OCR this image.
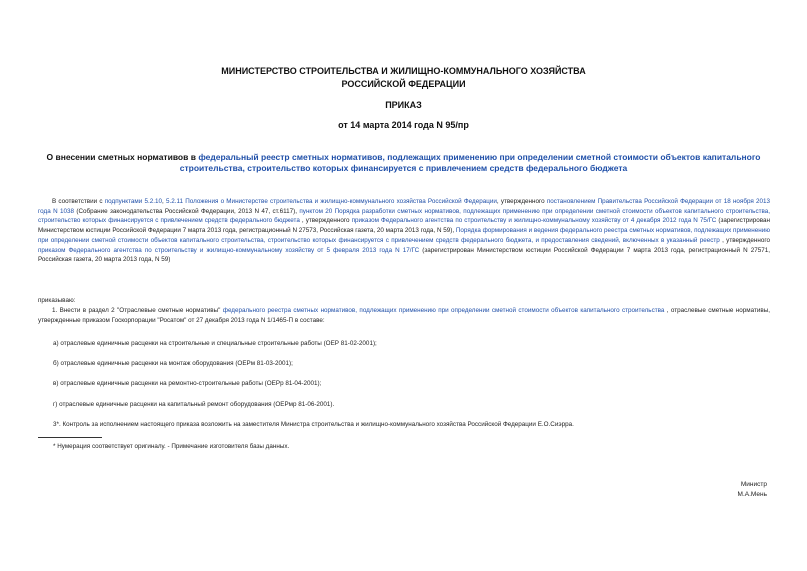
МИНИСТЕРСТВО СТРОИТЕЛЬСТВА И ЖИЛИЩНО-КОММУНАЛЬНОГО ХОЗЯЙСТВА
РОССИЙСКОЙ ФЕДЕРАЦИИ
ПРИКАЗ
от 14 марта 2014 года N 95/пр
О внесении сметных нормативов в федеральный реестр сметных нормативов, подлежащих применению при определении сметной стоимости объектов капитального строительства, строительство которых финансируется с привлечением средств федерального бюджета
В соответствии с подпунктами 5.2.10, 5.2.11 Положения о Министерстве строительства и жилищно-коммунального хозяйства Российской Федерации, утвержденного постановлением Правительства Российской Федерации от 18 ноября 2013 года N 1038 (Собрание законодательства Российской Федерации, 2013 N 47, ст.6117), пунктом 20 Порядка разработки сметных нормативов, подлежащих применению при определении сметной стоимости объектов капитального строительства, строительство которых финансируется с привлечением средств федерального бюджета , утвержденного приказом Федерального агентства по строительству и жилищно-коммунальному хозяйству от 4 декабря 2012 года N 75/ГС (зарегистрирован Министерством юстиции Российской Федерации 7 марта 2013 года, регистрационный N 27573, Российская газета, 20 марта 2013 года, N 59), Порядка формирования и ведения федерального реестра сметных нормативов, подлежащих применению при определении сметной стоимости объектов капитального строительства, строительство которых финансируется с привлечением средств федерального бюджета, и предоставления сведений, включенных в указанный реестр , утвержденного приказом Федерального агентства по строительству и жилищно-коммунальному хозяйству от 5 февраля 2013 года N 17/ГС (зарегистрирован Министерством юстиции Российской Федерации 7 марта 2013 года, регистрационный N 27571, Российская газета, 20 марта 2013 года, N 59)
приказываю:
1. Внести в раздел 2 "Отраслевые сметные нормативы" федерального реестра сметных нормативов, подлежащих применению при определении сметной стоимости объектов капитального строительства , отраслевые сметные нормативы, утвержденные приказом Госкорпорации "Росатом" от 27 декабря 2013 года N 1/1465-П в составе:
а) отраслевые единичные расценки на строительные и специальные строительные работы (ОЕР 81-02-2001);
б) отраслевые единичные расценки на монтаж оборудования (ОЕРм 81-03-2001);
в) отраслевые единичные расценки на ремонтно-строительные работы (ОЕРр 81-04-2001);
г) отраслевые единичные расценки на капитальный ремонт оборудования (ОЕРмр 81-06-2001).
3*. Контроль за исполнением настоящего приказа возложить на заместителя Министра строительства и жилищно-коммунального хозяйства Российской Федерации Е.О.Сиэрра.
* Нумерация соответствует оригиналу. - Примечание изготовителя базы данных.
Министр
М.А.Мень
